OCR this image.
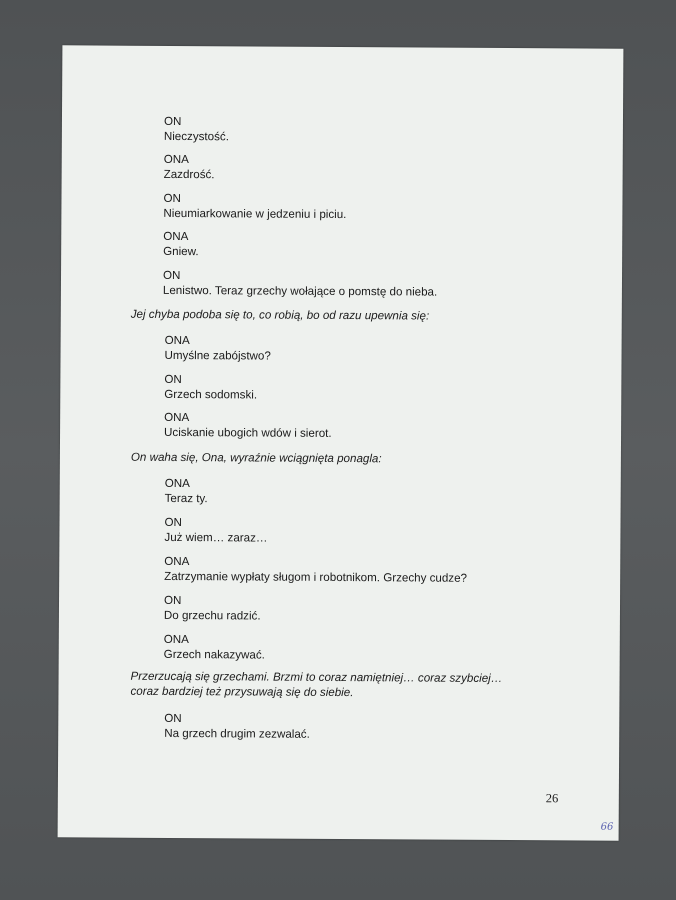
ON
Nieczystość.
ONA
Zazdrość.
ON
Nieumiarkowanie w jedzeniu i piciu.
ONA
Gniew.
ON
Lenistwo. Teraz grzechy wołające o pomstę do nieba.
Jej chyba podoba się to, co robią, bo od razu upewnia się:
ONA
Umyślne zabójstwo?
ON
Grzech sodomski.
ONA
Uciskanie ubogich wdów i sierot.
On waha się, Ona, wyraźnie wciągnięta ponagla:
ONA
Teraz ty.
ON
Już wiem… zaraz…
ONA
Zatrzymanie wypłaty sługom i robotnikom. Grzechy cudze?
ON
Do grzechu radzić.
ONA
Grzech nakazywać.
Przerzucają się grzechami. Brzmi to coraz namiętniej… coraz szybciej… coraz bardziej też przysuwają się do siebie.
ON
Na grzech drugim zezwalać.
26
66
